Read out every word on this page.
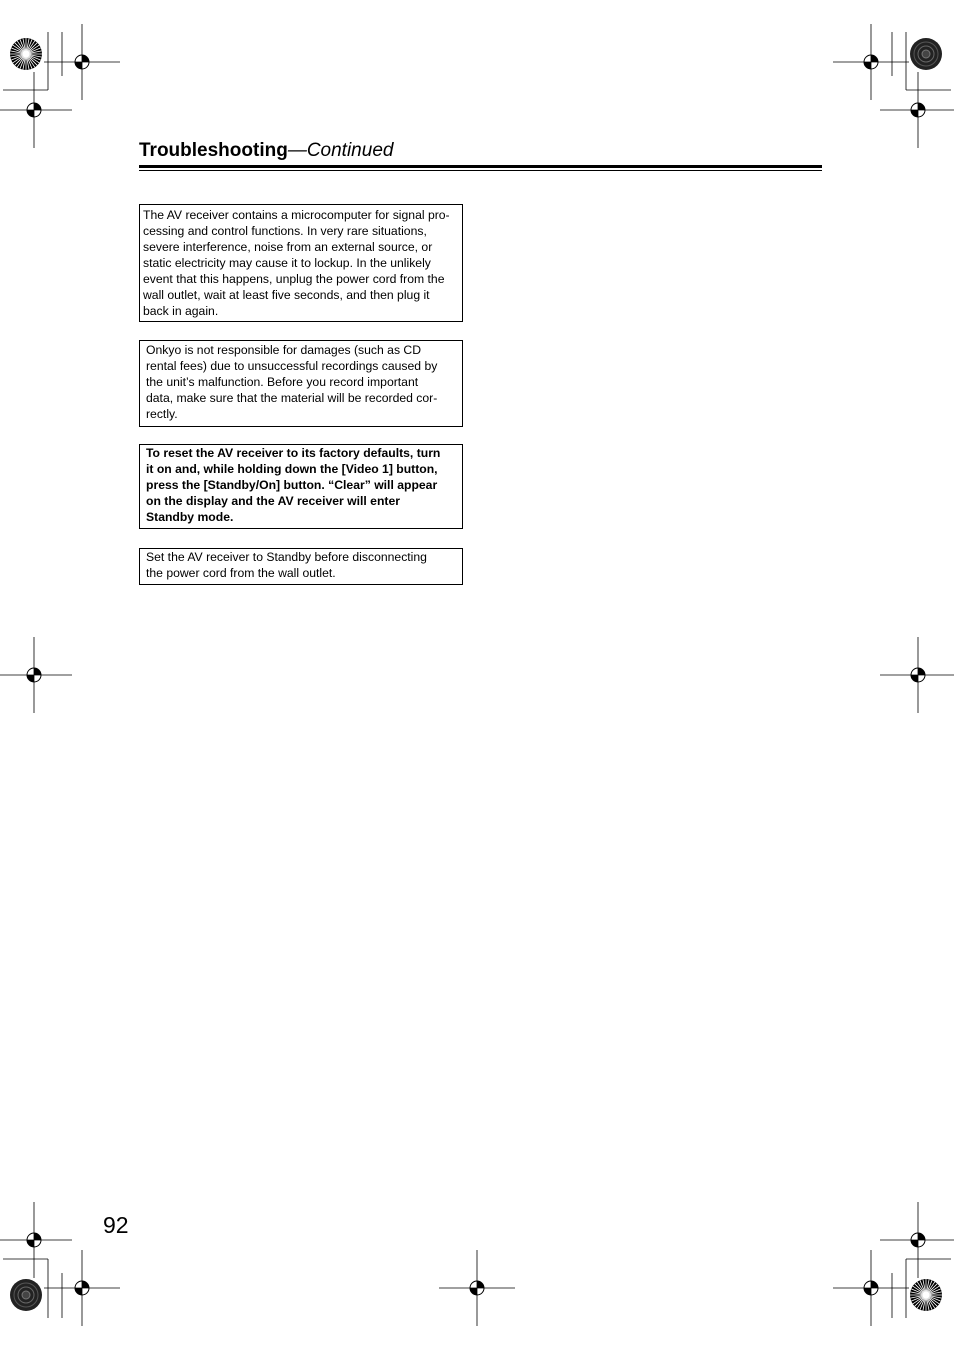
Troubleshooting—Continued

The AV receiver contains a microcomputer for signal pro-
cessing and control functions. In very rare situations,
severe interference, noise from an external source, or
static electricity may cause it to lockup. In the unlikely
event that this happens, unplug the power cord from the
wall outlet, wait at least five seconds, and then plug it
back in again.

Onkyo is not responsible for damages (such as CD
rental fees) due to unsuccessful recordings caused by
the unit’s malfunction. Before you record important
data, make sure that the material will be recorded cor-
rectly.

To reset the AV receiver to its factory defaults, turn
it on and, while holding down the [Video 1] button,
press the [Standby/On] button. “Clear” will appear
on the display and the AV receiver will enter
Standby mode.

Set the AV receiver to Standby before disconnecting
the power cord from the wall outlet.

92
